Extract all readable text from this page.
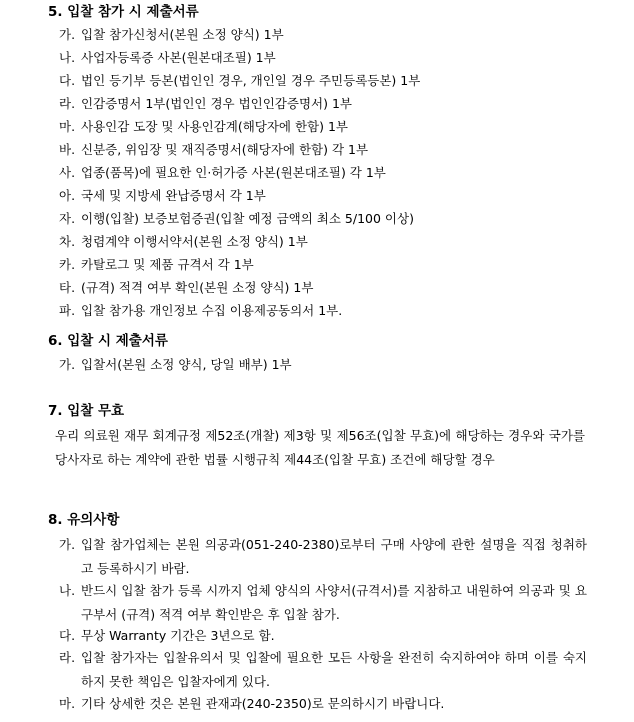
5. 입찰 참가 시 제출서류
가. 입찰 참가신청서(본원 소정 양식) 1부
나. 사업자등록증 사본(원본대조필) 1부
다. 법인 등기부 등본(법인인 경우, 개인일 경우 주민등록등본) 1부
라. 인감증명서 1부(법인인 경우 법인인감증명서) 1부
마. 사용인감 도장 및 사용인감계(해당자에 한함) 1부
바. 신분증, 위임장 및 재직증명서(해당자에 한함) 각 1부
사. 업종(품목)에 필요한 인·허가증 사본(원본대조필) 각 1부
아. 국세 및 지방세 완납증명서 각 1부
자. 이행(입찰) 보증보험증권(입찰 예정 금액의 최소 5/100 이상)
차. 청렴계약 이행서약서(본원 소정 양식) 1부
카. 카탈로그 및 제품 규격서 각 1부
타. (규격) 적격 여부 확인(본원 소정 양식) 1부
파. 입찰 참가용 개인정보 수집 이용제공동의서 1부.
6. 입찰 시 제출서류
가. 입찰서(본원 소정 양식, 당일 배부) 1부
7. 입찰 무효
우리 의료원 재무 회계규정 제52조(개찰) 제3항 및 제56조(입찰 무효)에 해당하는 경우와 국가를 당사자로 하는 계약에 관한 법률 시행규칙 제44조(입찰 무효) 조건에 해당할 경우
8. 유의사항
가. 입찰 참가업체는 본원 의공과(051-240-2380)로부터 구매 사양에 관한 설명을 직접 청취하고 등록하시기 바람.
나. 반드시 입찰 참가 등록 시까지 업체 양식의 사양서(규격서)를 지참하고 내원하여 의공과 및 요구부서 (규격) 적격 여부 확인받은 후 입찰 참가.
다. 무상 Warranty 기간은 3년으로 함.
라. 입찰 참가자는 입찰유의서 및 입찰에 필요한 모든 사항을 완전히 숙지하여야 하며 이를 숙지하지 못한 책임은 입찰자에게 있다.
마. 기타 상세한 것은 본원 관재과(240-2350)로 문의하시기 바랍니다.
